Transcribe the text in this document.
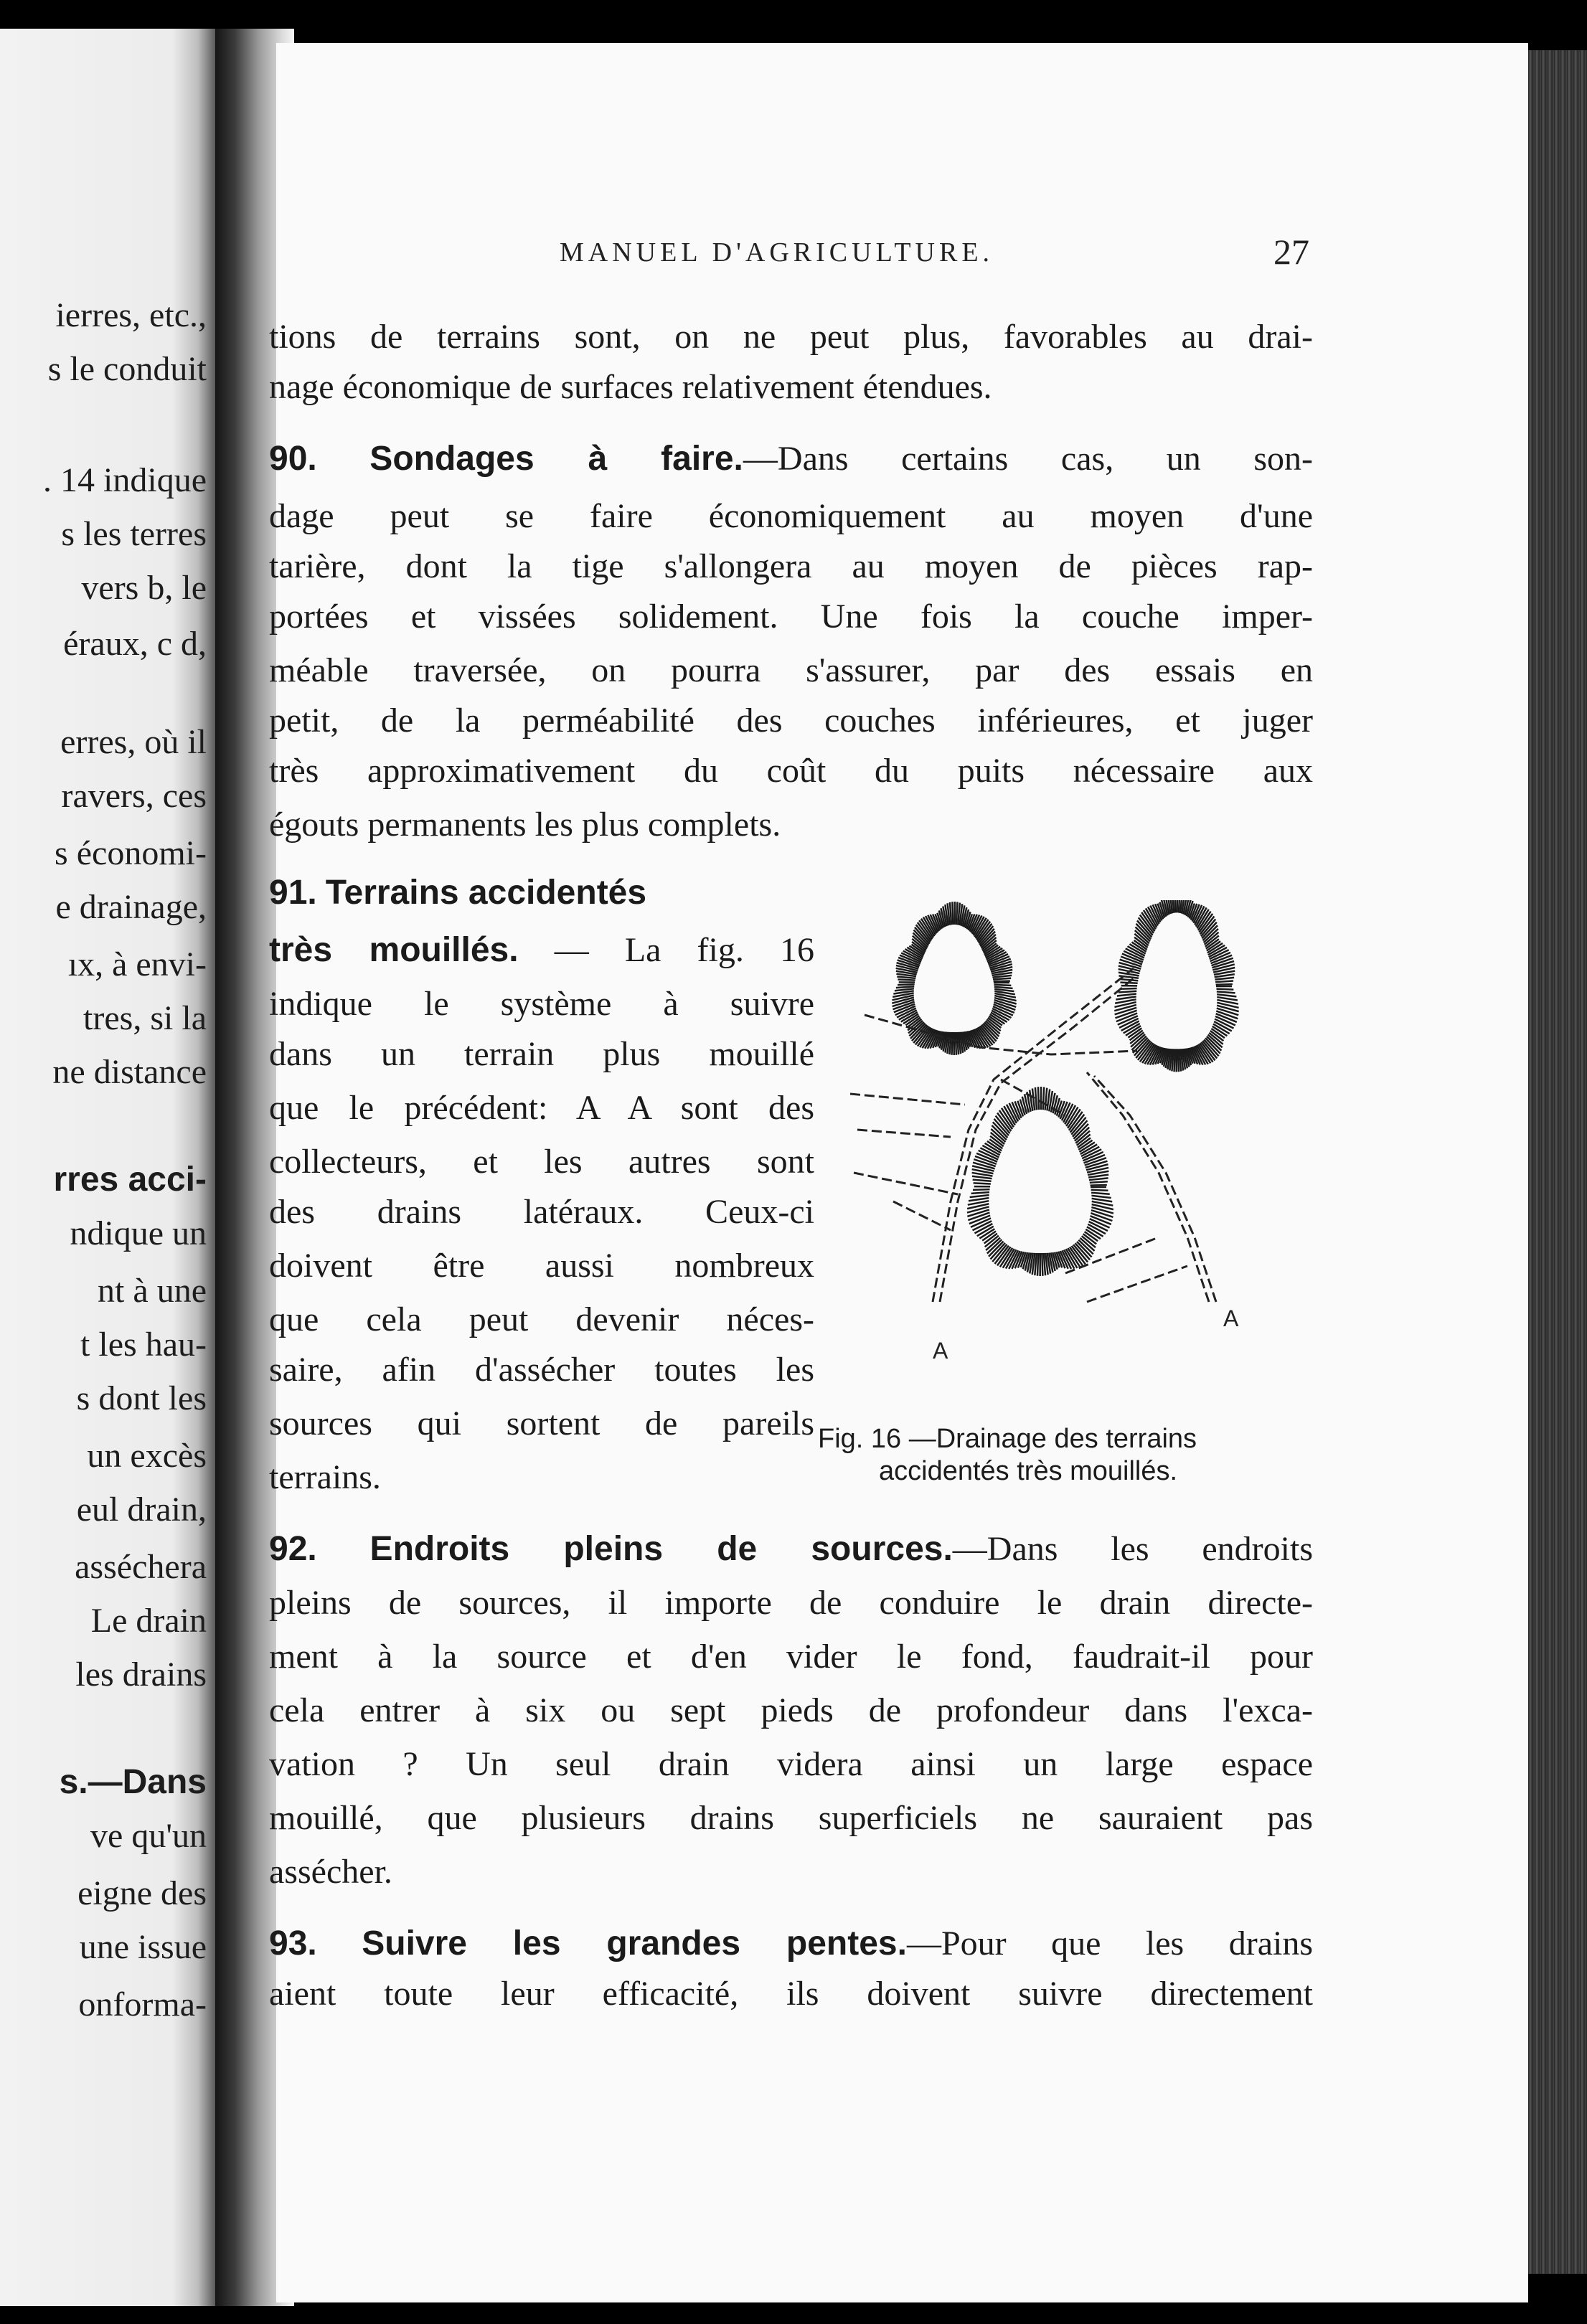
ierres, etc.,
s le conduit
. 14 indique
s les terres
vers b, le
éraux, c d,
erres, où il
ravers, ces
s économi-
e drainage,
ıx, à envi-
tres, si la
ne distance
rres acci-
ndique un
nt à une
t les hau-
s dont les
un excès
eul drain,
asséchera
Le drain
les drains
s.—Dans
ve qu'un
eigne des
une issue
onforma-
MANUEL D'AGRICULTURE.	27
tions de terrains sont, on ne peut plus, favorables au drai-
nage économique de surfaces relativement étendues.
90. Sondages à faire.—Dans certains cas, un son-
dage peut se faire économiquement au moyen d'une
tarière, dont la tige s'allongera au moyen de pièces rap-
portées et vissées solidement. Une fois la couche imper-
méable traversée, on pourra s'assurer, par des essais en
petit, de la perméabilité des couches inférieures, et juger
très approximativement du coût du puits nécessaire aux
égouts permanents les plus complets.
91. Terrains accidentés
très mouillés. — La fig. 16
indique le système à suivre
dans un terrain plus mouillé
que le précédent: A A sont des
collecteurs, et les autres sont
des drains latéraux. Ceux-ci
doivent être aussi nombreux
que cela peut devenir néces-
saire, afin d'assécher toutes les
sources qui sortent de pareils
terrains.
92. Endroits pleins de sources.—Dans les endroits
pleins de sources, il importe de conduire le drain directe-
ment à la source et d'en vider le fond, faudrait-il pour
cela entrer à six ou sept pieds de profondeur dans l'exca-
vation ? Un seul drain videra ainsi un large espace
mouillé, que plusieurs drains superficiels ne sauraient pas
assécher.
93. Suivre les grandes pentes.—Pour que les drains
aient toute leur efficacité, ils doivent suivre directement
A
A
Fig. 16 —Drainage des terrains
accidentés très mouillés.
